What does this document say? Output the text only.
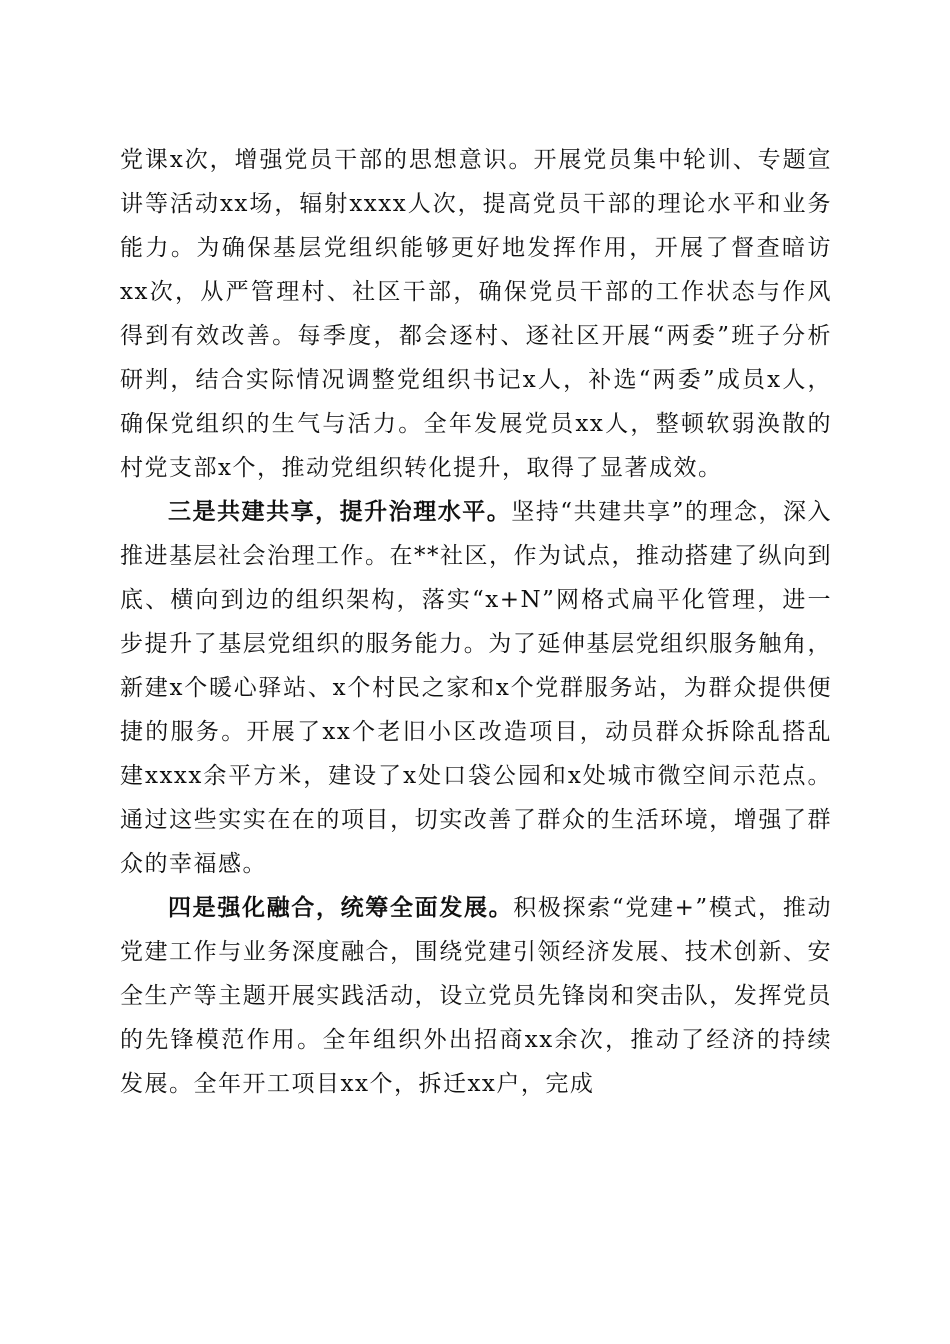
党课x次，增强党员干部的思想意识。开展党员集中轮训、专题宣讲等活动xx场，辐射xxxx人次，提高党员干部的理论水平和业务能力。为确保基层党组织能够更好地发挥作用，开展了督查暗访xx次，从严管理村、社区干部，确保党员干部的工作状态与作风得到有效改善。每季度，都会逐村、逐社区开展“两委”班子分析研判，结合实际情况调整党组织书记x人，补选“两委”成员x人，确保党组织的生气与活力。全年发展党员xx人，整顿软弱涣散的村党支部x个，推动党组织转化提升，取得了显著成效。

三是共建共享，提升治理水平。坚持“共建共享”的理念，深入推进基层社会治理工作。在**社区，作为试点，推动搭建了纵向到底、横向到边的组织架构，落实“x+N”网格式扁平化管理，进一步提升了基层党组织的服务能力。为了延伸基层党组织服务触角，新建x个暖心驿站、x个村民之家和x个党群服务站，为群众提供便捷的服务。开展了xx个老旧小区改造项目，动员群众拆除乱搭乱建xxxx余平方米，建设了x处口袋公园和x处城市微空间示范点。通过这些实实在在的项目，切实改善了群众的生活环境，增强了群众的幸福感。

四是强化融合，统筹全面发展。积极探索“党建+”模式，推动党建工作与业务深度融合，围绕党建引领经济发展、技术创新、安全生产等主题开展实践活动，设立党员先锋岗和突击队，发挥党员的先锋模范作用。全年组织外出招商xx余次，推动了经济的持续发展。全年开工项目xx个，拆迁xx户，完成
